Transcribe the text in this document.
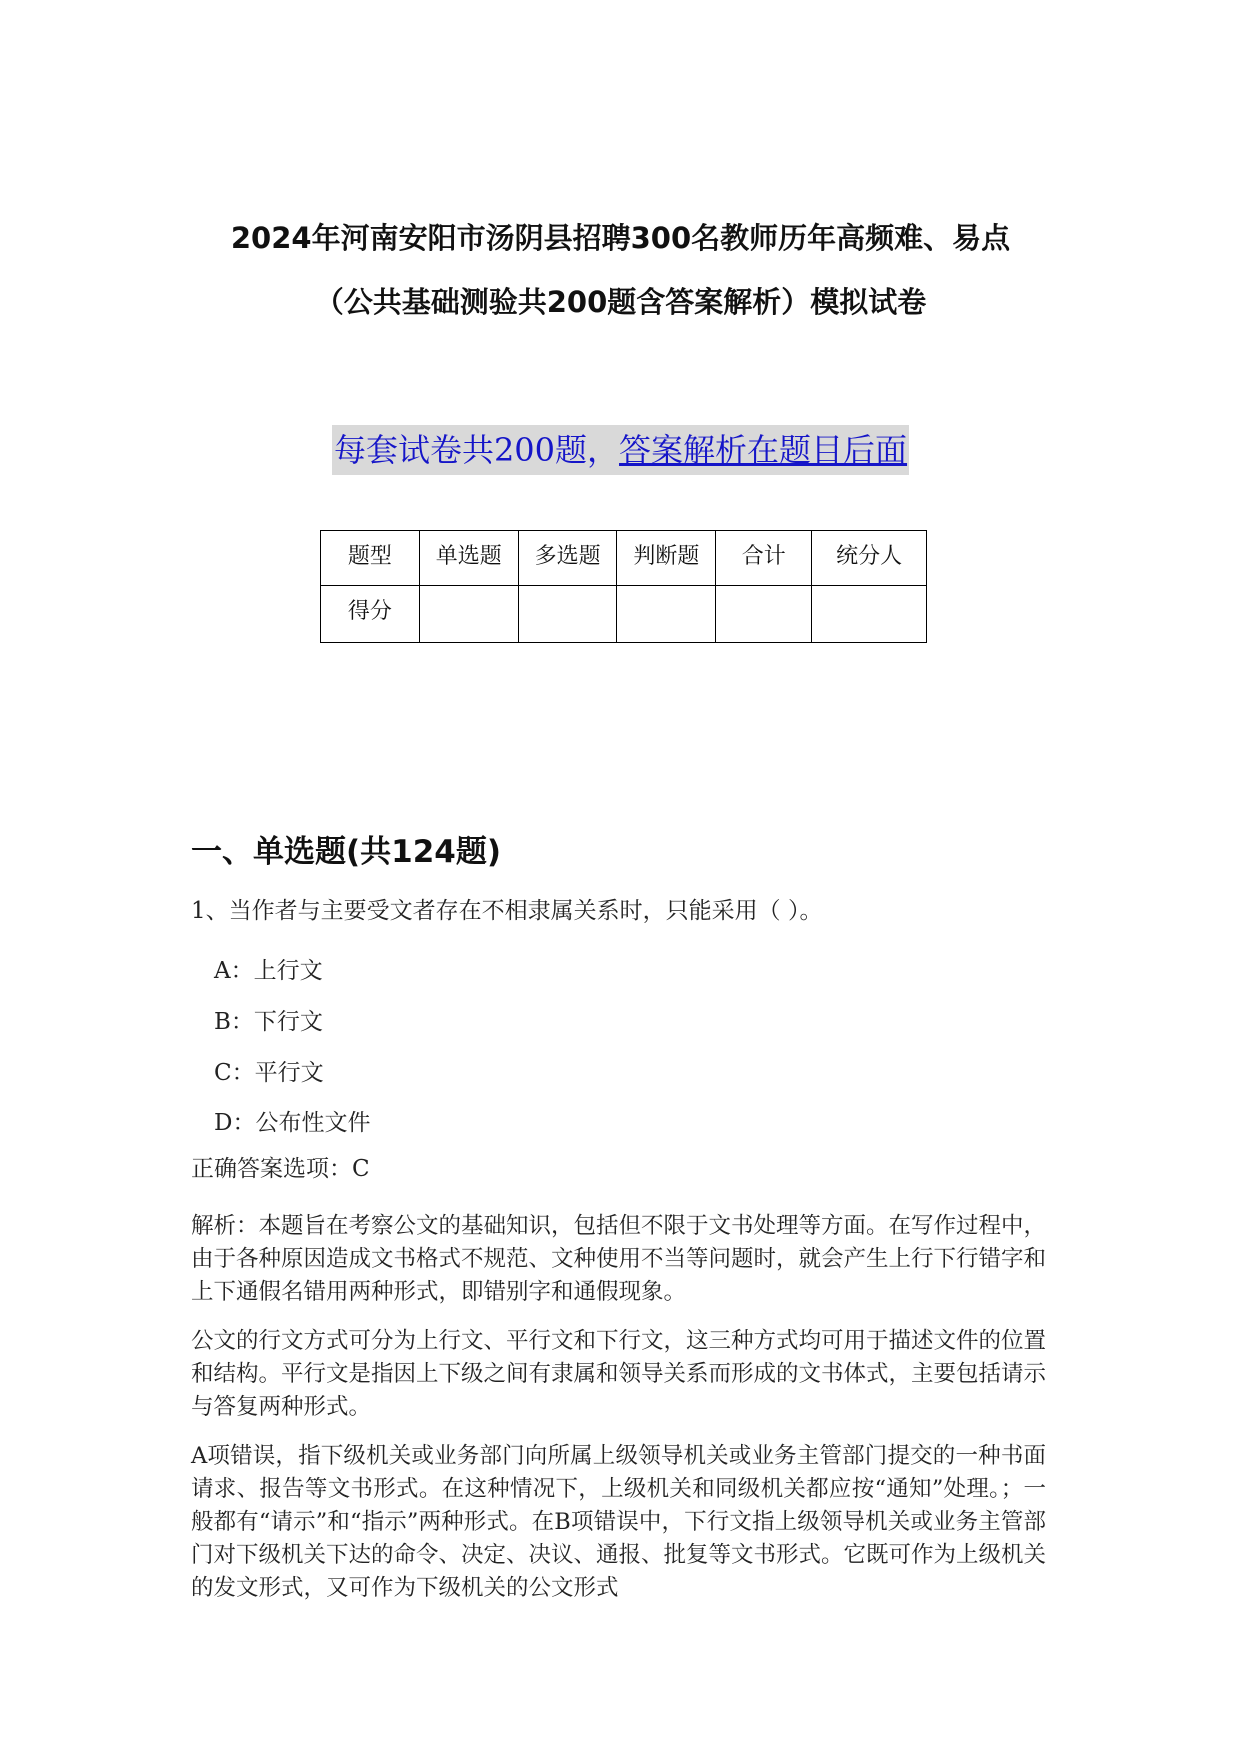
2024年河南安阳市汤阴县招聘300名教师历年高频难、易点
（公共基础测验共200题含答案解析）模拟试卷
每套试卷共200题，答案解析在题目后面
题型	单选题	多选题	判断题	合计	统分人
得分					
一、单选题(共124题)
1、当作者与主要受文者存在不相隶属关系时，只能采用（ ）。
A：上行文
B：下行文
C：平行文
D：公布性文件
正确答案选项：C
解析：本题旨在考察公文的基础知识，包括但不限于文书处理等方面。在写作过程中，由于各种原因造成文书格式不规范、文种使用不当等问题时，就会产生上行下行错字和上下通假名错用两种形式，即错别字和通假现象。
公文的行文方式可分为上行文、平行文和下行文，这三种方式均可用于描述文件的位置和结构。平行文是指因上下级之间有隶属和领导关系而形成的文书体式，主要包括请示与答复两种形式。
A项错误，指下级机关或业务部门向所属上级领导机关或业务主管部门提交的一种书面请求、报告等文书形式。在这种情况下，上级机关和同级机关都应按“通知”处理。；一般都有“请示”和“指示”两种形式。在B项错误中，下行文指上级领导机关或业务主管部门对下级机关下达的命令、决定、决议、通报、批复等文书形式。它既可作为上级机关的发文形式，又可作为下级机关的公文形式
